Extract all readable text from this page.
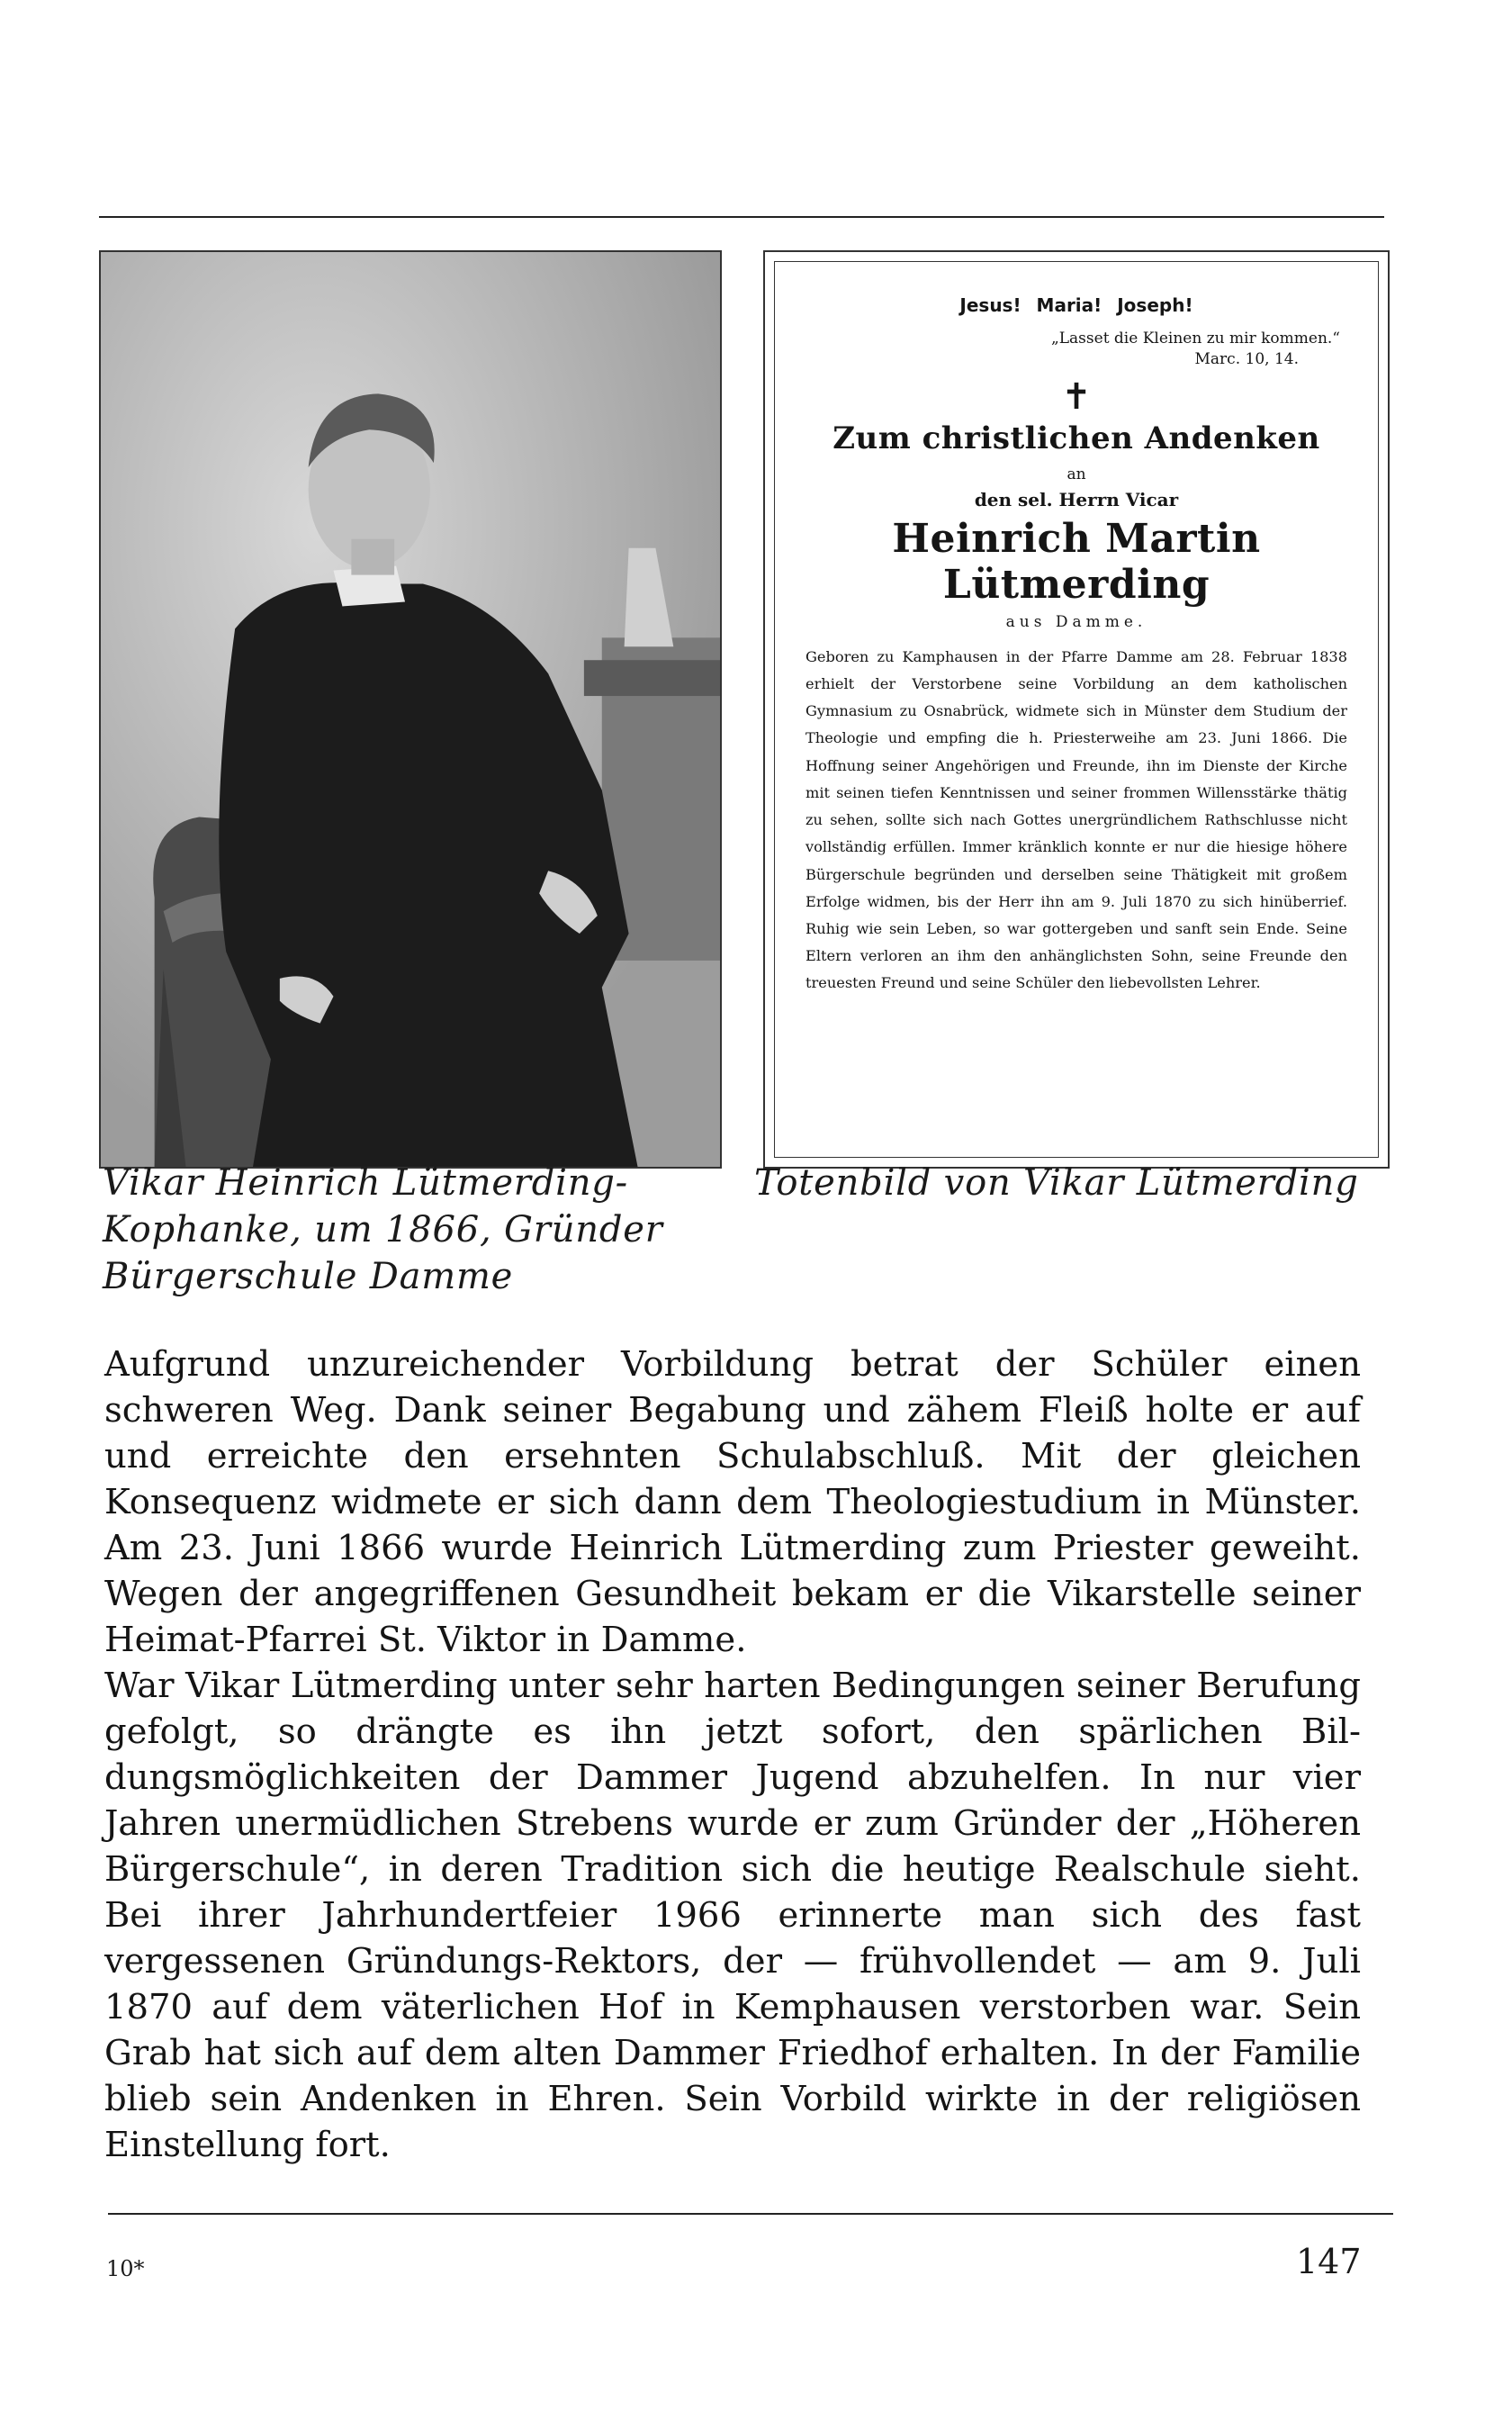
Jesus! Maria! Joseph!
„Lasset die Kleinen zu mir kommen.“
Marc. 10, 14.
✝
Zum christlichen Andenken
an
den sel. Herrn Vicar
Heinrich Martin Lütmerding
aus Damme.

Geboren zu Kamphausen in der Pfarre Damme am 28. Februar 1838 erhielt der Verstorbene seine Vorbildung an dem katholischen Gymnasium zu Osnabrück, widmete sich in Münster dem Studium der Theologie und empfing die h. Priesterweihe am 23. Juni 1866. Die Hoffnung seiner Angehörigen und Freunde, ihn im Dienste der Kirche mit seinen tiefen Kenntnissen und seiner frommen Willensstärke thätig zu sehen, sollte sich nach Gottes unergründlichem Rathschlusse nicht vollständig erfüllen. Immer kränklich konnte er nur die hiesige höhere Bürgerschule begründen und derselben seine Thätigkeit mit großem Erfolge widmen, bis der Herr ihn am 9. Juli 1870 zu sich hinüberrief. Ruhig wie sein Leben, so war gottergeben und sanft sein Ende. Seine Eltern verloren an ihm den anhänglichsten Sohn, seine Freunde den treuesten Freund und seine Schüler den liebevollsten Lehrer.

Vikar Heinrich Lütmerding-Kophanke, um 1866, Gründer Bürgerschule Damme
Totenbild von Vikar Lütmerding

Aufgrund unzureichender Vorbildung betrat der Schüler einen schweren Weg. Dank seiner Begabung und zähem Fleiß holte er auf und erreichte den ersehnten Schulabschluß. Mit der gleichen Konsequenz widmete er sich dann dem Theologiestudium in Münster. Am 23. Juni 1866 wurde Heinrich Lütmerding zum Priester geweiht. Wegen der angegriffenen Gesundheit bekam er die Vikarstelle seiner Heimat-Pfarrei St. Viktor in Damme.

War Vikar Lütmerding unter sehr harten Bedingungen seiner Berufung gefolgt, so drängte es ihn jetzt sofort, den spärlichen Bildungsmöglichkeiten der Dammer Jugend abzuhelfen. In nur vier Jahren unermüdlichen Strebens wurde er zum Gründer der „Höheren Bürgerschule“, in deren Tradition sich die heutige Realschule sieht. Bei ihrer Jahrhundertfeier 1966 erinnerte man sich des fast vergessenen Gründungs-Rektors, der — frühvollendet — am 9. Juli 1870 auf dem väterlichen Hof in Kemphausen verstorben war. Sein Grab hat sich auf dem alten Dammer Friedhof erhalten. In der Familie blieb sein Andenken in Ehren. Sein Vorbild wirkte in der religiösen Einstellung fort.

10*	147
